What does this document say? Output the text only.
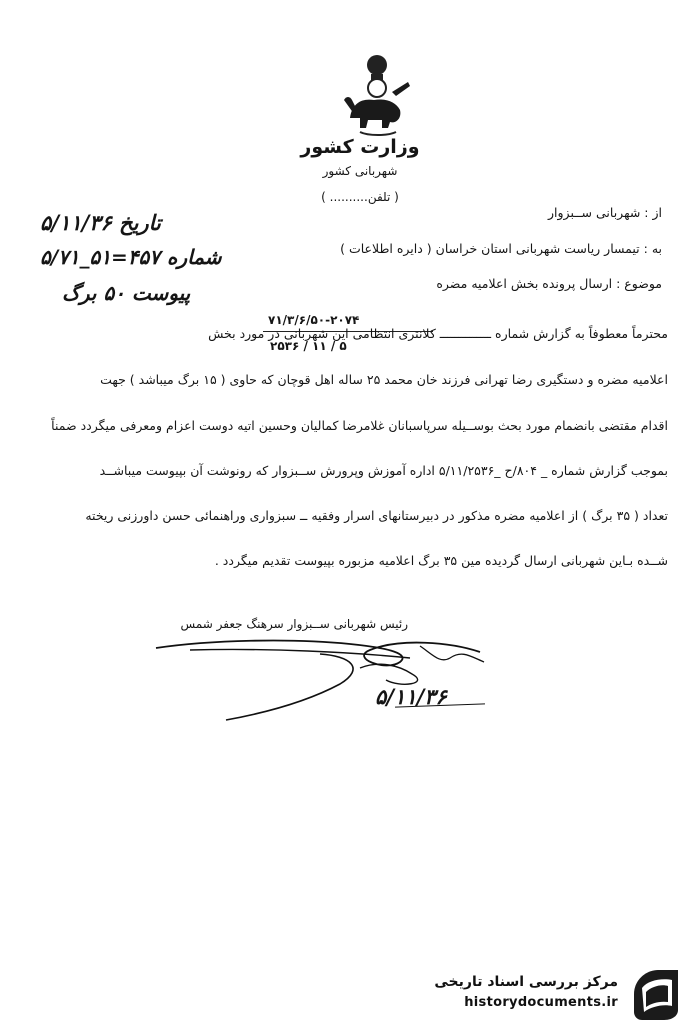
وزارت کشور
شهربانی کشور
( تلفن.......... )
از : شهربانی ســبزوار
به : تیمسار ریاست شهربانی استان خراسان ( دایره اطلاعات )
موضوع : ارسال پرونده بخش اعلامیه مضره
تاریخ ۵/۱۱/۳۶
شماره ۴۵۷=۵۱_۵/۷۱
پیوست ۵۰ برگ
۷۱/۳/۶/۵۰-۲۰۷۴
۲۵۳۶ / ۱۱ / ۵
محترماً معطوفاً به گزارش شماره ــــــــــــــ کلانتری انتظامی این شهربانی در مورد بخش
اعلامیه مضره و دستگیری رضا تهرانی فرزند خان محمد ۲۵ ساله اهل قوچان که حاوی ( ۱۵ برگ میباشد ) جهت
اقدام مقتضی بانضمام مورد بحث بوســیله سرپاسبانان غلامرضا کمالیان وحسین اتیه دوست اعزام ومعرفی میگردد ضمناً
بموجب گزارش شماره _ ۸۰۴/ح _۵/۱۱/۲۵۳۶ اداره آموزش وپرورش ســبزوار که رونوشت آن بپیوست میباشــد
تعداد ( ۳۵ برگ ) از اعلامیه مضره مذکور در دبیرستانهای اسرار وفقیه ــ سبزواری وراهنمائی حسن داورزنی ریخته
شــده بـاین شهربانی ارسال گردیده مین ۳۵ برگ اعلامیه مزبوره بپیوست تقدیم میگردد .
رئیس شهربانی ســبزوار سرهنگ جعفر شمس
۵/۱۱/۳۶
مرکز بررسی اسناد تاریخی
historydocuments.ir
